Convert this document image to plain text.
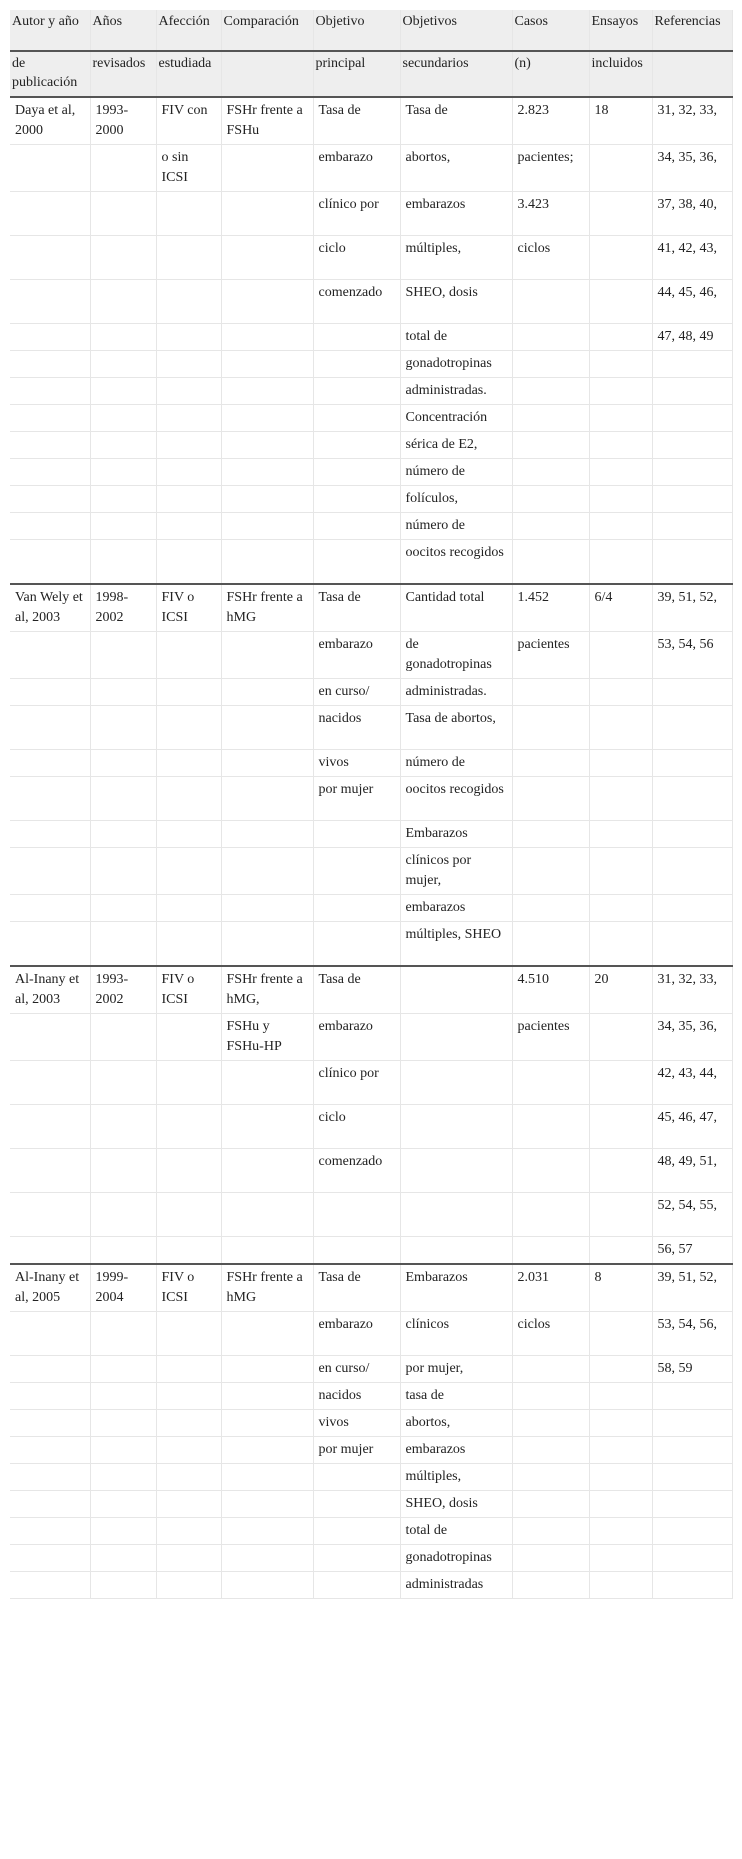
Autor y año	Años	Afección	Comparación	Objetivo	Objetivos	Casos	Ensayos	Referencias
de publicación	revisados	estudiada		principal	secundarios	(n)	incluidos	
Daya et al, 2000	1993-2000	FIV con	FSHr frente a FSHu	Tasa de	Tasa de	2.823	18	31, 32, 33,
		o sin ICSI		embarazo	abortos,	pacientes;		34, 35, 36,
				clínico por	embarazos	3.423		37, 38, 40,
				ciclo	múltiples,	ciclos		41, 42, 43,
				comenzado	SHEO, dosis			44, 45, 46,
					total de			47, 48, 49
					gonadotropinas			
					administradas.			
					Concentración			
					sérica de E2,			
					número de			
					folículos,			
					número de			
					oocitos recogidos			
Van Wely et al, 2003	1998-2002	FIV o ICSI	FSHr frente a hMG	Tasa de	Cantidad total	1.452	6/4	39, 51, 52,
				embarazo	de gonadotropinas	pacientes		53, 54, 56
				en curso/	administradas.			
				nacidos	Tasa de abortos,			
				vivos	número de			
				por mujer	oocitos recogidos			
					Embarazos			
					clínicos por mujer,			
					embarazos			
					múltiples, SHEO			
Al-Inany et al, 2003	1993-2002	FIV o ICSI	FSHr frente a hMG,	Tasa de		4.510	20	31, 32, 33,
			FSHu y FSHu-HP	embarazo		pacientes		34, 35, 36,
				clínico por				42, 43, 44,
				ciclo				45, 46, 47,
				comenzado				48, 49, 51,
								52, 54, 55,
								56, 57
Al-Inany et al, 2005	1999-2004	FIV o ICSI	FSHr frente a hMG	Tasa de	Embarazos	2.031	8	39, 51, 52,
				embarazo	clínicos	ciclos		53, 54, 56,
				en curso/	por mujer,			58, 59
				nacidos	tasa de			
				vivos	abortos,			
				por mujer	embarazos			
					múltiples,			
					SHEO, dosis			
					total de			
					gonadotropinas			
					administradas			
